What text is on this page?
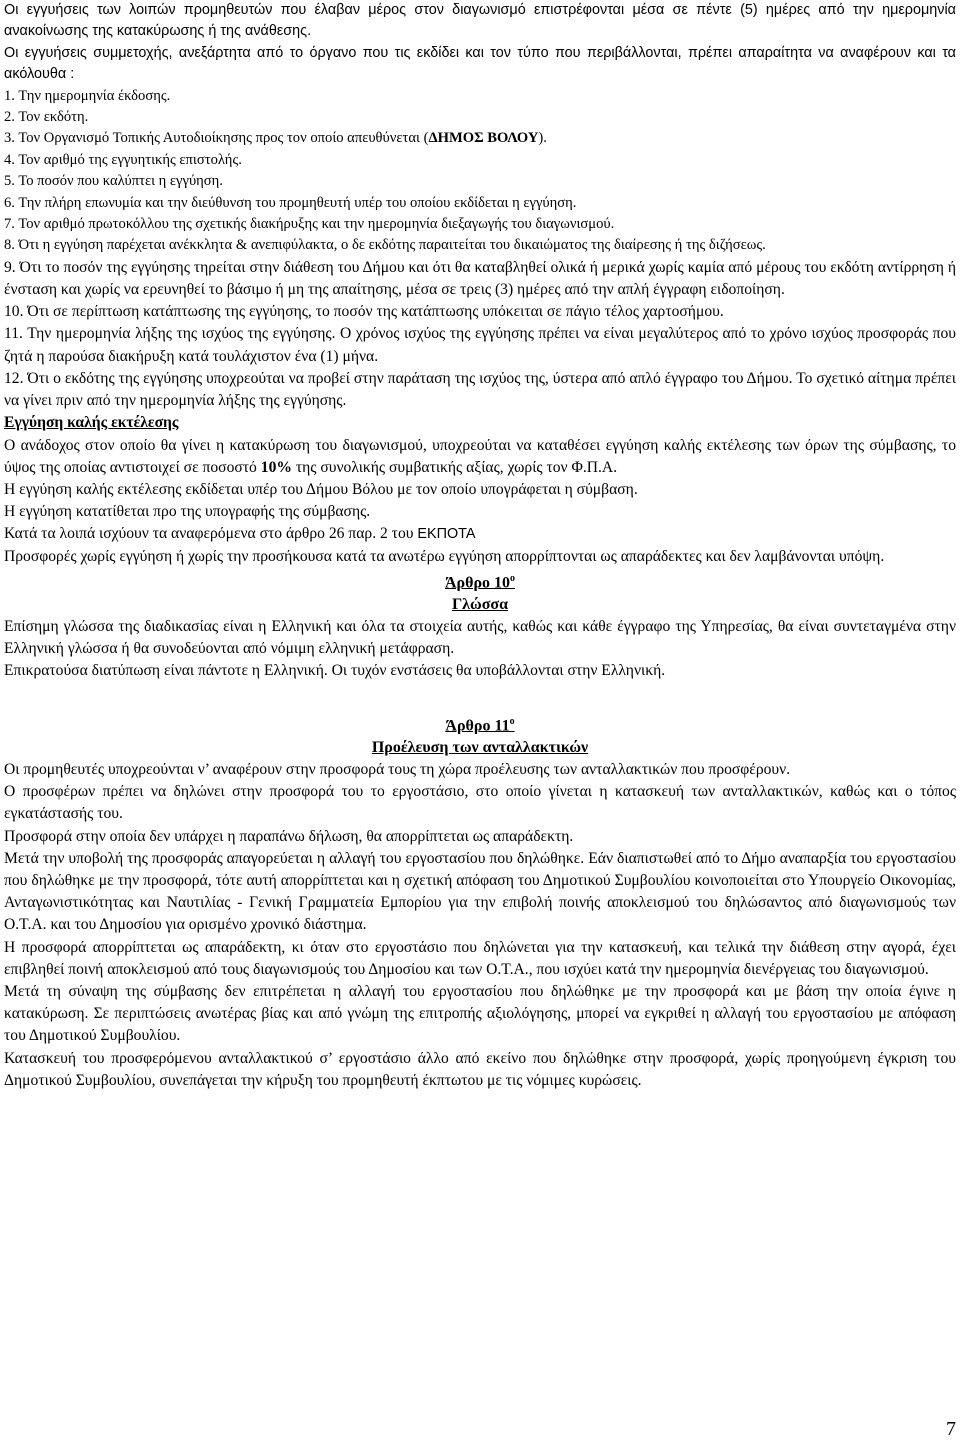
Οι εγγυήσεις των λοιπών προμηθευτών που έλαβαν μέρος στον διαγωνισμό επιστρέφονται μέσα σε πέντε (5) ημέρες από την ημερομηνία ανακοίνωσης της κατακύρωσης ή της ανάθεσης.

Οι εγγυήσεις συμμετοχής, ανεξάρτητα από το όργανο που τις εκδίδει και τον τύπο που περιβάλλονται, πρέπει απαραίτητα να αναφέρουν και τα ακόλουθα :

1. Την ημερομηνία έκδοσης.

2. Τον εκδότη.

3. Τον Οργανισμό Τοπικής Αυτοδιοίκησης προς τον οποίο απευθύνεται (ΔΗΜΟΣ ΒΟΛΟΥ).

4. Τον αριθμό της εγγυητικής επιστολής.

5. Το ποσόν που καλύπτει η εγγύηση.

6. Την πλήρη επωνυμία και την διεύθυνση του προμηθευτή υπέρ του οποίου εκδίδεται η εγγύηση.

7. Τον αριθμό πρωτοκόλλου της σχετικής διακήρυξης και την ημερομηνία διεξαγωγής του διαγωνισμού.

8. Ότι η εγγύηση παρέχεται ανέκκλητα & ανεπιφύλακτα, ο δε εκδότης παραιτείται του δικαιώματος της διαίρεσης ή της διζήσεως.

9. Ότι το ποσόν της εγγύησης τηρείται στην διάθεση του Δήμου και ότι θα καταβληθεί ολικά ή μερικά χωρίς καμία από μέρους του εκδότη αντίρρηση ή ένσταση και χωρίς να ερευνηθεί το βάσιμο ή μη της απαίτησης, μέσα σε τρεις (3) ημέρες από την απλή έγγραφη ειδοποίηση.

10. Ότι σε περίπτωση κατάπτωσης της εγγύησης, το ποσόν της κατάπτωσης υπόκειται σε πάγιο τέλος χαρτοσήμου.

11. Την ημερομηνία λήξης της ισχύος της εγγύησης. Ο χρόνος ισχύος της εγγύησης πρέπει να είναι μεγαλύτερος από το χρόνο ισχύος προσφοράς που ζητά η παρούσα διακήρυξη κατά τουλάχιστον ένα (1) μήνα.

12. Ότι ο εκδότης της εγγύησης υποχρεούται να προβεί στην παράταση της ισχύος της, ύστερα από απλό έγγραφο του Δήμου. Το σχετικό αίτημα πρέπει να γίνει πριν από την ημερομηνία λήξης της εγγύησης.

Εγγύηση καλής εκτέλεσης

Ο ανάδοχος στον οποίο θα γίνει η κατακύρωση του διαγωνισμού, υποχρεούται να καταθέσει εγγύηση καλής εκτέλεσης των όρων της σύμβασης, το ύψος της οποίας αντιστοιχεί σε ποσοστό 10% της συνολικής συμβατικής αξίας, χωρίς τον Φ.Π.Α.

Η εγγύηση καλής εκτέλεσης εκδίδεται υπέρ του Δήμου Βόλου με τον οποίο υπογράφεται η σύμβαση.

Η εγγύηση κατατίθεται προ της υπογραφής της σύμβασης.

Κατά τα λοιπά ισχύουν τα αναφερόμενα στο άρθρο 26 παρ. 2 του ΕΚΠΟΤΑ

Προσφορές χωρίς εγγύηση ή χωρίς την προσήκουσα κατά τα ανωτέρω εγγύηση απορρίπτονται ως απαράδεκτες και δεν λαμβάνονται υπόψη.

Άρθρο $10^o$

Γλώσσα

Επίσημη γλώσσα της διαδικασίας είναι η Ελληνική και όλα τα στοιχεία αυτής, καθώς και κάθε έγγραφο της Υπηρεσίας, θα είναι συντεταγμένα στην Ελληνική γλώσσα ή θα συνοδεύονται από νόμιμη ελληνική μετάφραση.

Επικρατούσα διατύπωση είναι πάντοτε η Ελληνική. Οι τυχόν ενστάσεις θα υποβάλλονται στην Ελληνική.

Άρθρο $11^o$

Προέλευση των ανταλλακτικών

Οι προμηθευτές υποχρεούνται ν’ αναφέρουν στην προσφορά τους τη χώρα προέλευσης των ανταλλακτικών που προσφέρουν.

Ο προσφέρων πρέπει να δηλώνει στην προσφορά του το εργοστάσιο, στο οποίο γίνεται η κατασκευή των ανταλλακτικών, καθώς και ο τόπος εγκατάστασής του.

Προσφορά στην οποία δεν υπάρχει η παραπάνω δήλωση, θα απορρίπτεται ως απαράδεκτη.

Μετά την υποβολή της προσφοράς απαγορεύεται η αλλαγή του εργοστασίου που δηλώθηκε. Εάν διαπιστωθεί από το Δήμο αναπαρξία του εργοστασίου που δηλώθηκε με την προσφορά, τότε αυτή απορρίπτεται και η σχετική απόφαση του Δημοτικού Συμβουλίου κοινοποιείται στο Υπουργείο Οικονομίας, Ανταγωνιστικότητας και Ναυτιλίας - Γενική Γραμματεία Εμπορίου για την επιβολή ποινής αποκλεισμού του δηλώσαντος από διαγωνισμούς των Ο.Τ.Α. και του Δημοσίου για ορισμένο χρονικό διάστημα.

Η προσφορά απορρίπτεται ως απαράδεκτη, κι όταν στο εργοστάσιο που δηλώνεται για την κατασκευή, και τελικά την διάθεση στην αγορά, έχει επιβληθεί ποινή αποκλεισμού από τους διαγωνισμούς του Δημοσίου και των Ο.Τ.Α., που ισχύει κατά την ημερομηνία διενέργειας του διαγωνισμού.

Μετά τη σύναψη της σύμβασης δεν επιτρέπεται η αλλαγή του εργοστασίου που δηλώθηκε με την προσφορά και με βάση την οποία έγινε η κατακύρωση. Σε περιπτώσεις ανωτέρας βίας και από γνώμη της επιτροπής αξιολόγησης, μπορεί να εγκριθεί η αλλαγή του εργοστασίου με απόφαση του Δημοτικού Συμβουλίου.

Κατασκευή του προσφερόμενου ανταλλακτικού σ’ εργοστάσιο άλλο από εκείνο που δηλώθηκε στην προσφορά, χωρίς προηγούμενη έγκριση του Δημοτικού Συμβουλίου, συνεπάγεται την κήρυξη του προμηθευτή έκπτωτου με τις νόμιμες κυρώσεις.

7
